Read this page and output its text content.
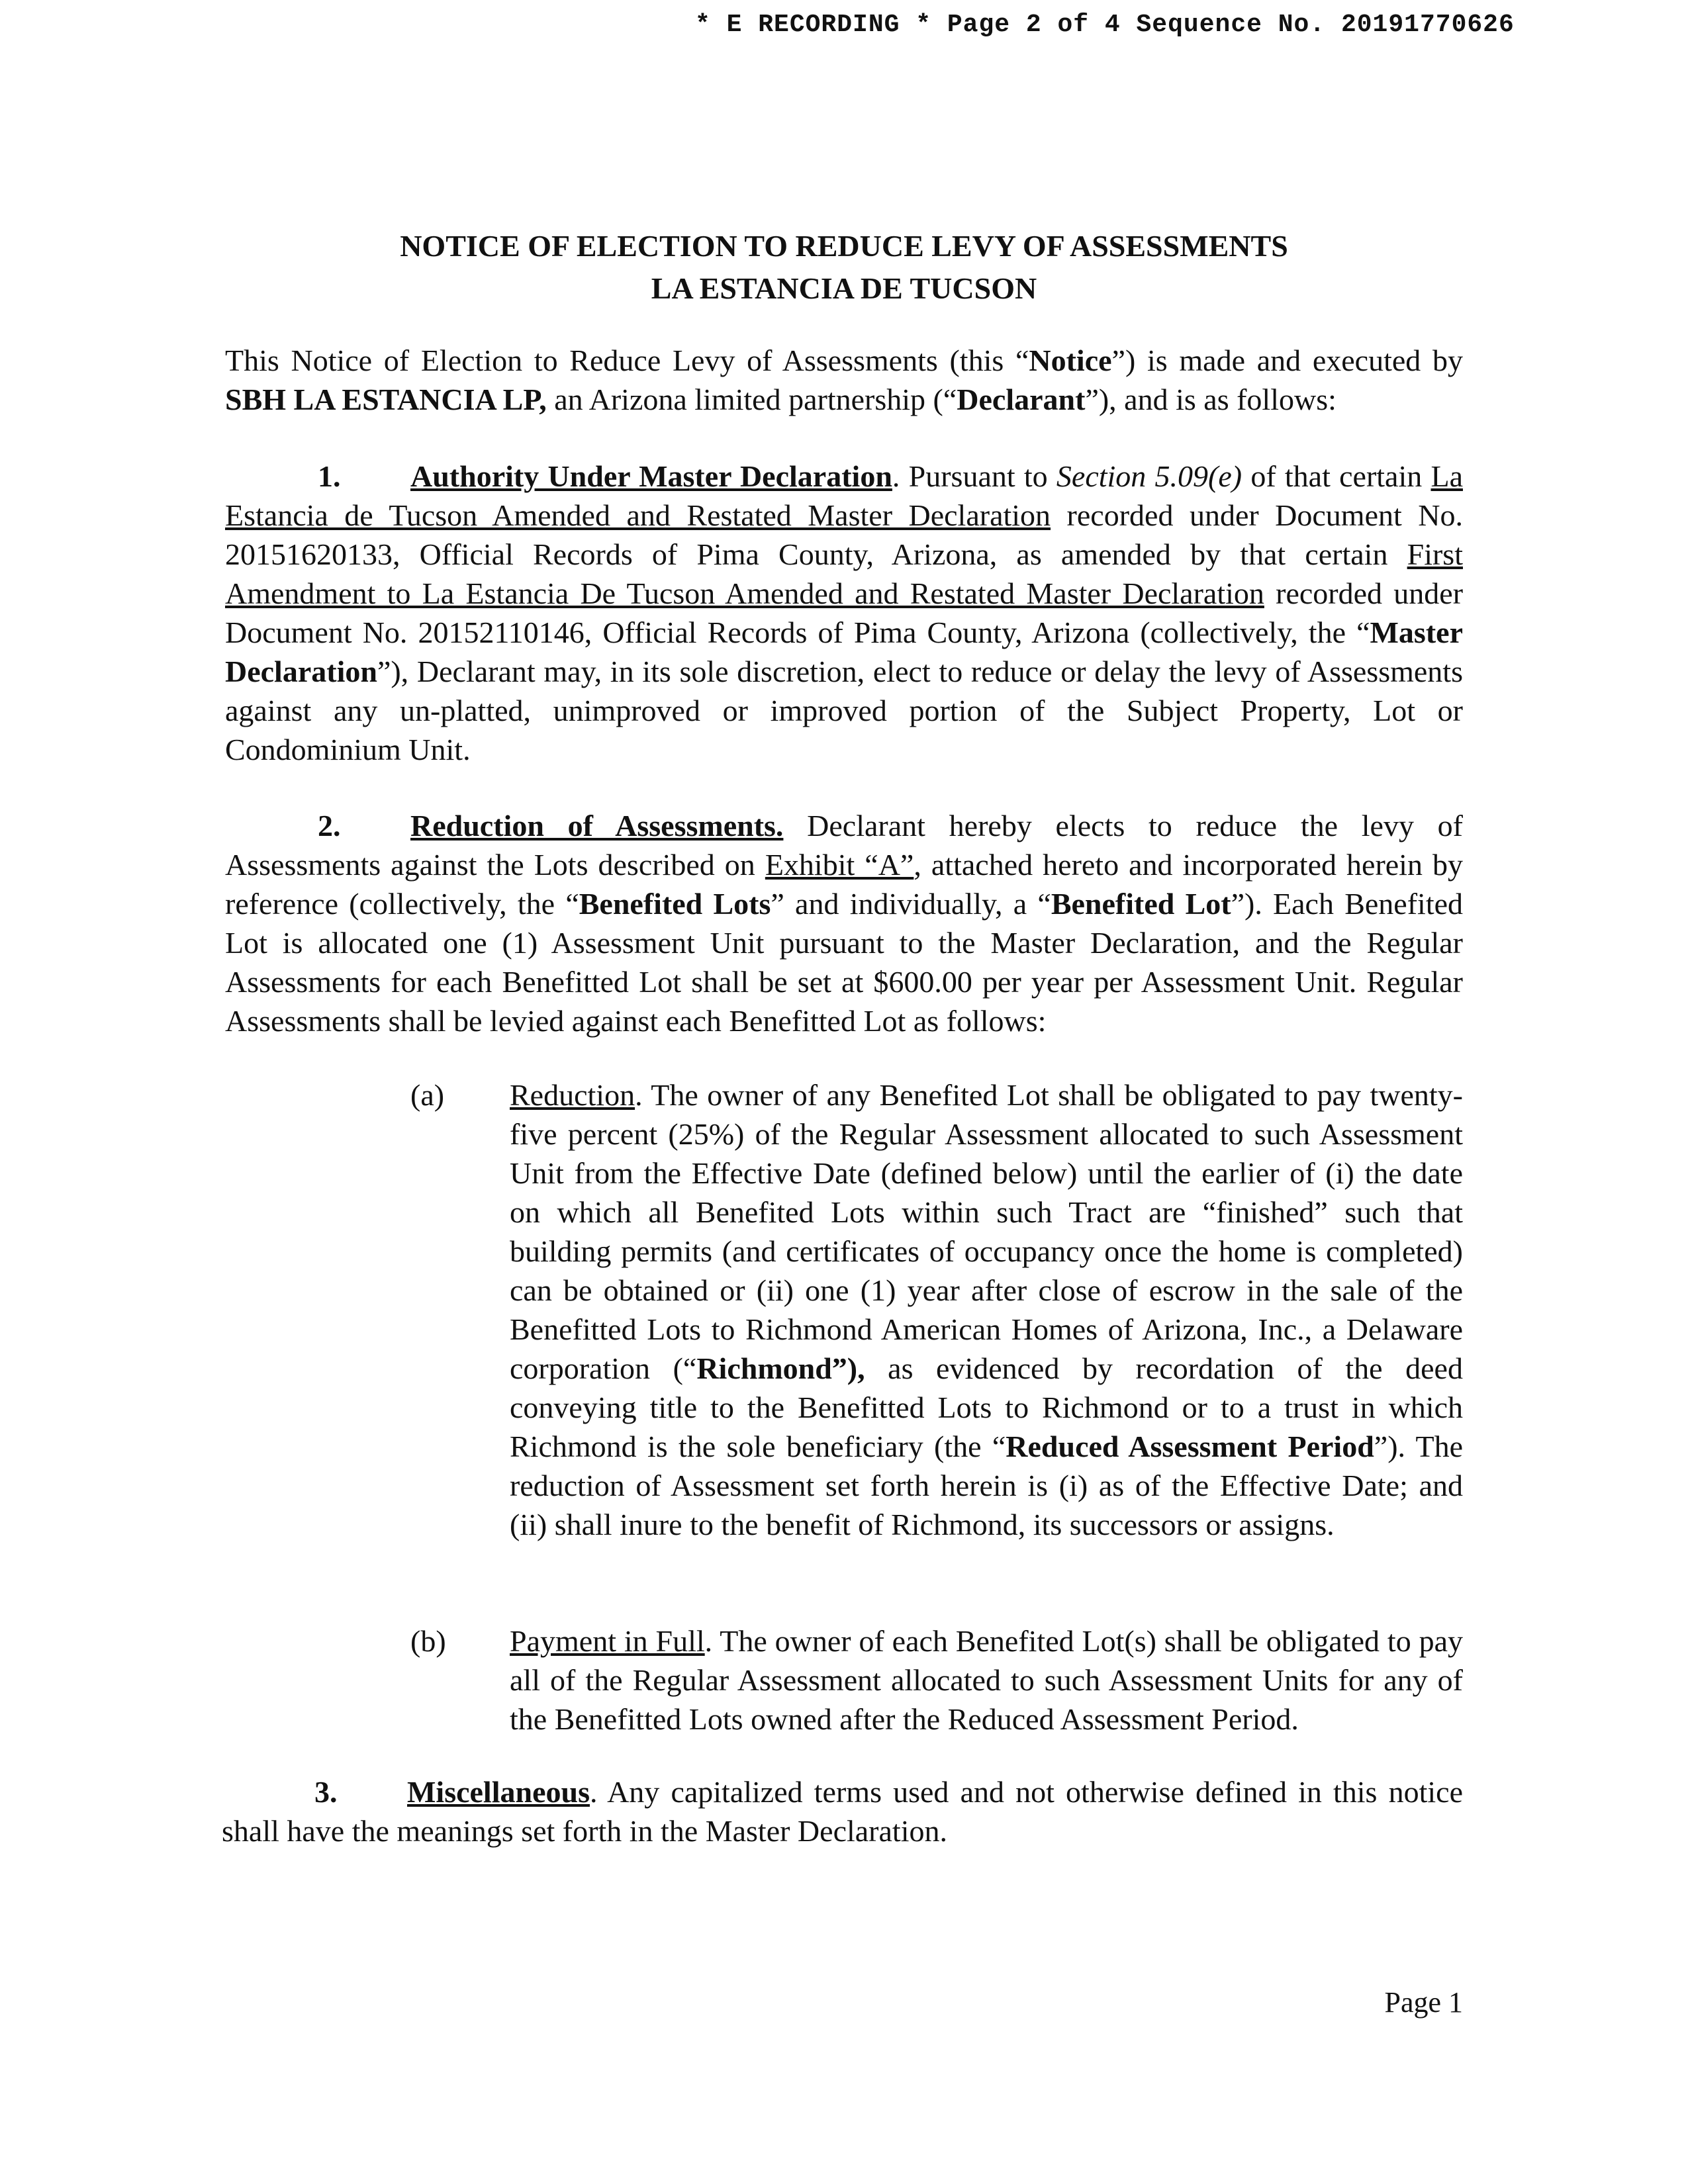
* E RECORDING * Page 2 of 4 Sequence No. 20191770626

NOTICE OF ELECTION TO REDUCE LEVY OF ASSESSMENTS

LA ESTANCIA DE TUCSON

This Notice of Election to Reduce Levy of Assessments (this “Notice”) is made and executed by SBH LA ESTANCIA LP, an Arizona limited partnership (“Declarant”), and is as follows:

1. Authority Under Master Declaration. Pursuant to Section 5.09(e) of that certain La Estancia de Tucson Amended and Restated Master Declaration recorded under Document No. 20151620133, Official Records of Pima County, Arizona, as amended by that certain First Amendment to La Estancia De Tucson Amended and Restated Master Declaration recorded under Document No. 20152110146, Official Records of Pima County, Arizona (collectively, the “Master Declaration”), Declarant may, in its sole discretion, elect to reduce or delay the levy of Assessments against any un-platted, unimproved or improved portion of the Subject Property, Lot or Condominium Unit.

2. Reduction of Assessments. Declarant hereby elects to reduce the levy of Assessments against the Lots described on Exhibit “A”, attached hereto and incorporated herein by reference (collectively, the “Benefited Lots” and individually, a “Benefited Lot”). Each Benefited Lot is allocated one (1) Assessment Unit pursuant to the Master Declaration, and the Regular Assessments for each Benefitted Lot shall be set at $600.00 per year per Assessment Unit. Regular Assessments shall be levied against each Benefitted Lot as follows:

(a) Reduction. The owner of any Benefited Lot shall be obligated to pay twenty-five percent (25%) of the Regular Assessment allocated to such Assessment Unit from the Effective Date (defined below) until the earlier of (i) the date on which all Benefited Lots within such Tract are “finished” such that building permits (and certificates of occupancy once the home is completed) can be obtained or (ii) one (1) year after close of escrow in the sale of the Benefitted Lots to Richmond American Homes of Arizona, Inc., a Delaware corporation (“Richmond”), as evidenced by recordation of the deed conveying title to the Benefitted Lots to Richmond or to a trust in which Richmond is the sole beneficiary (the “Reduced Assessment Period”). The reduction of Assessment set forth herein is (i) as of the Effective Date; and (ii) shall inure to the benefit of Richmond, its successors or assigns.

(b) Payment in Full. The owner of each Benefited Lot(s) shall be obligated to pay all of the Regular Assessment allocated to such Assessment Units for any of the Benefitted Lots owned after the Reduced Assessment Period.

3. Miscellaneous. Any capitalized terms used and not otherwise defined in this notice shall have the meanings set forth in the Master Declaration.

Page 1
